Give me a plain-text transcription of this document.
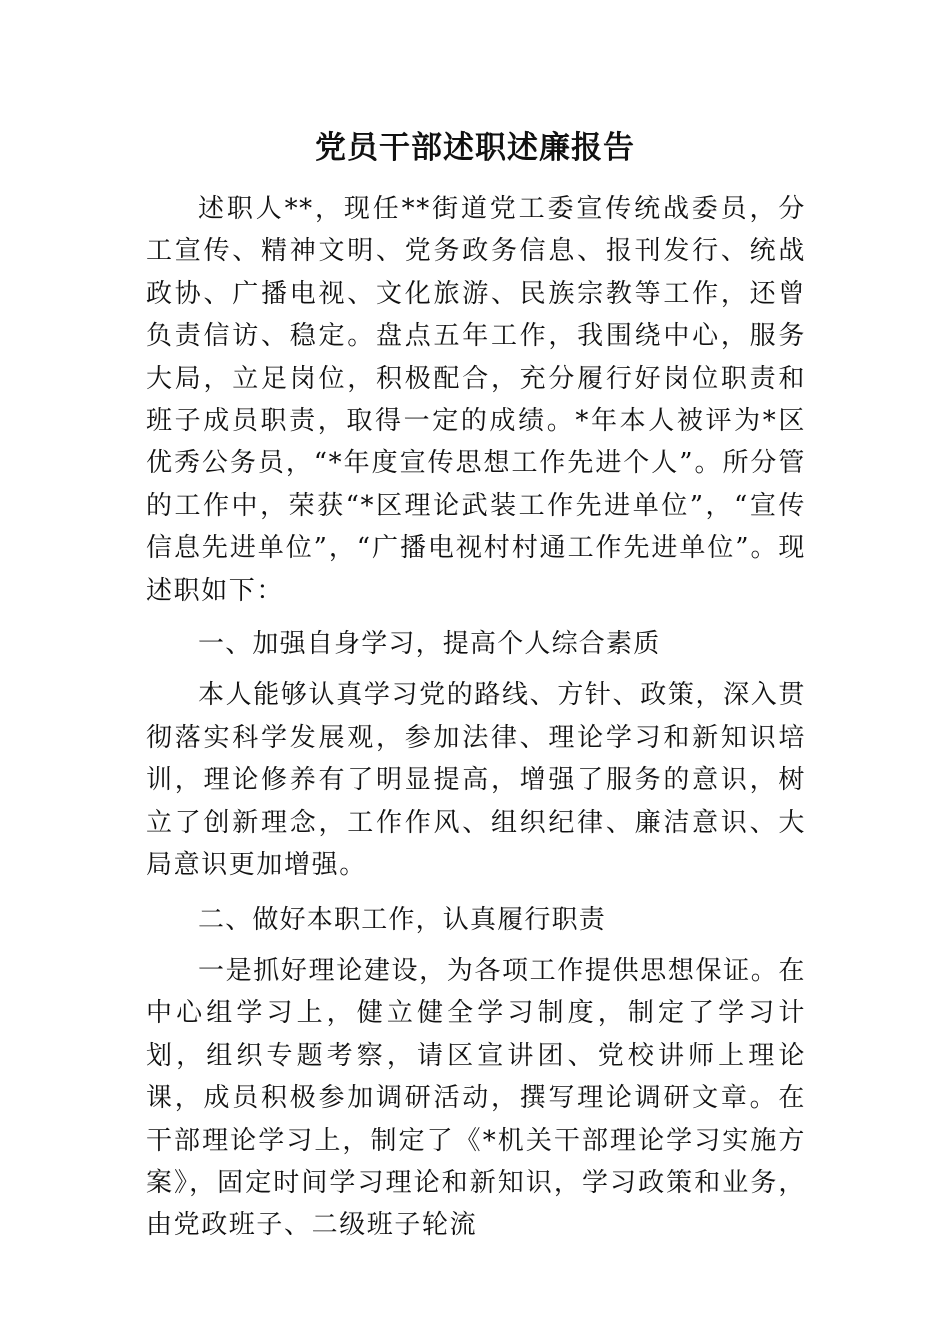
党员干部述职述廉报告

述职人**，现任**街道党工委宣传统战委员，分工宣传、精神文明、党务政务信息、报刊发行、统战政协、广播电视、文化旅游、民族宗教等工作，还曾负责信访、稳定。盘点五年工作，我围绕中心，服务大局，立足岗位，积极配合，充分履行好岗位职责和班子成员职责，取得一定的成绩。*年本人被评为*区优秀公务员，“*年度宣传思想工作先进个人”。所分管的工作中，荣获“*区理论武装工作先进单位”，“宣传信息先进单位”，“广播电视村村通工作先进单位”。现述职如下：

一、加强自身学习，提高个人综合素质

本人能够认真学习党的路线、方针、政策，深入贯彻落实科学发展观，参加法律、理论学习和新知识培训，理论修养有了明显提高，增强了服务的意识，树立了创新理念，工作作风、组织纪律、廉洁意识、大局意识更加增强。

二、做好本职工作，认真履行职责

一是抓好理论建设，为各项工作提供思想保证。在中心组学习上，健立健全学习制度，制定了学习计划，组织专题考察，请区宣讲团、党校讲师上理论课，成员积极参加调研活动，撰写理论调研文章。在干部理论学习上，制定了《*机关干部理论学习实施方案》，固定时间学习理论和新知识，学习政策和业务，由党政班子、二级班子轮流
